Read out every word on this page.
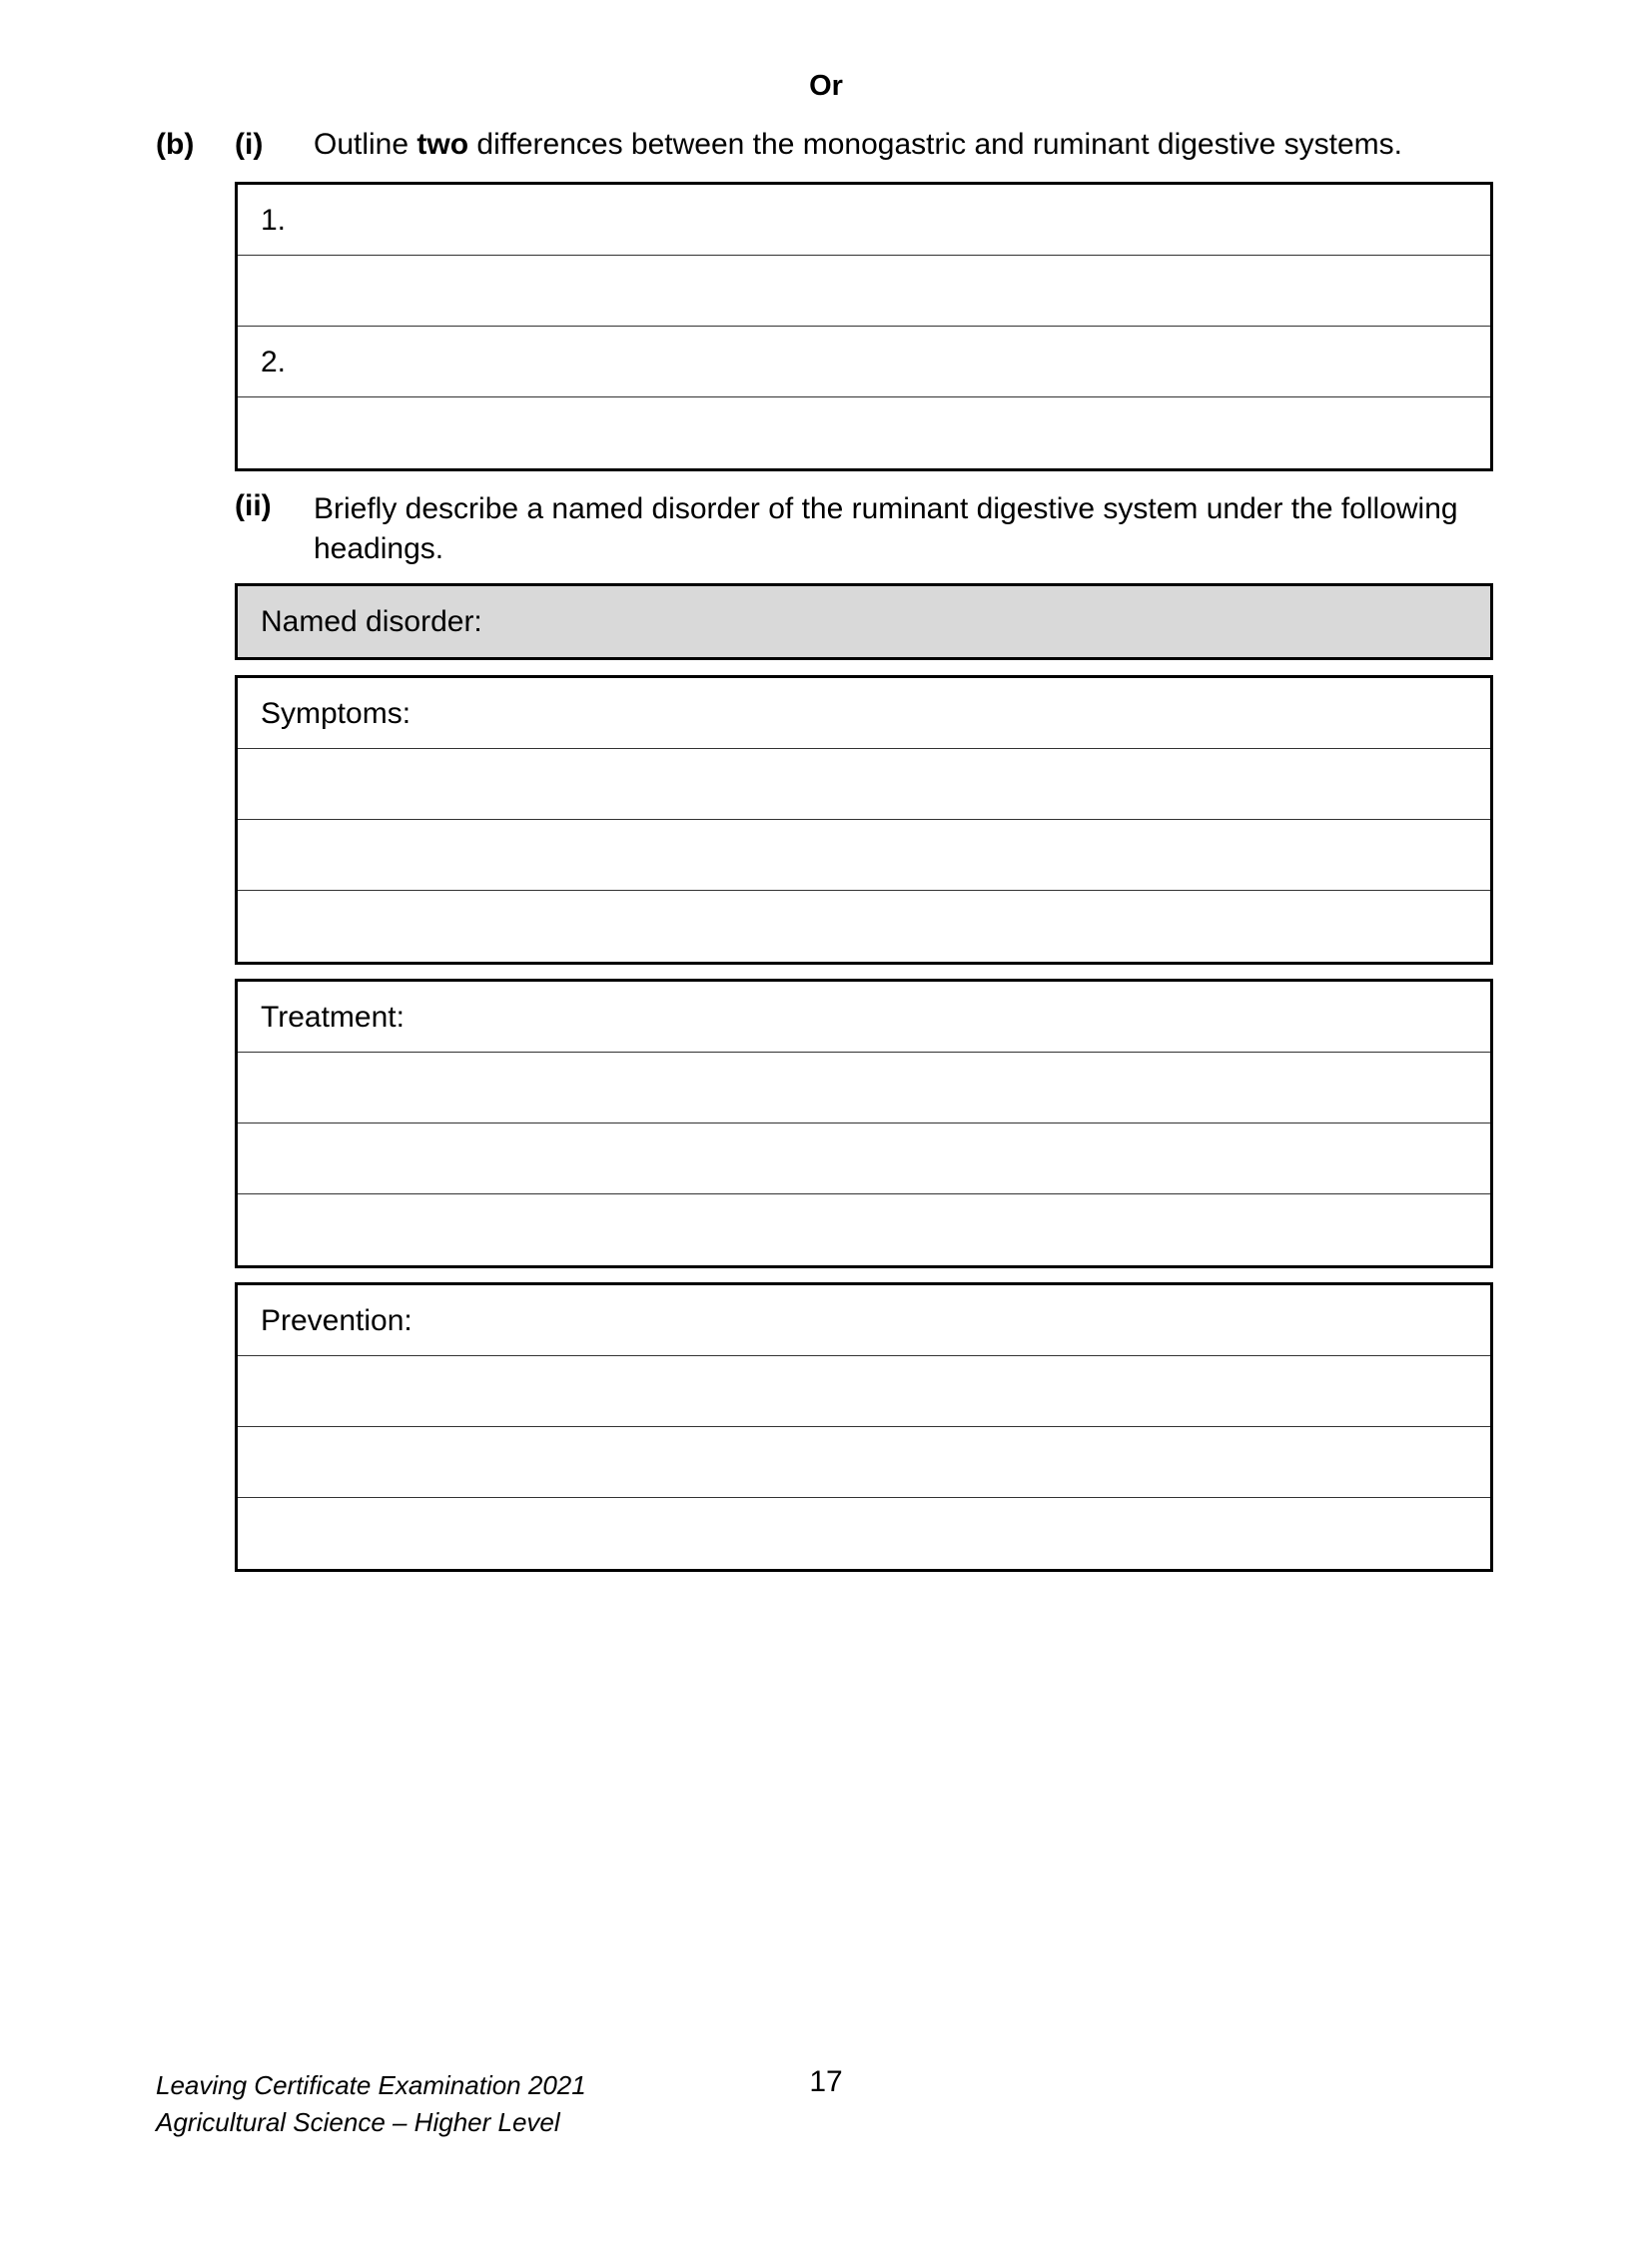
Or
(b) (i) Outline two differences between the monogastric and ruminant digestive systems.
1.
2.
(ii) Briefly describe a named disorder of the ruminant digestive system under the following headings.
Named disorder:
Symptoms:
Treatment:
Prevention:
Leaving Certificate Examination 2021
Agricultural Science – Higher Level
17
